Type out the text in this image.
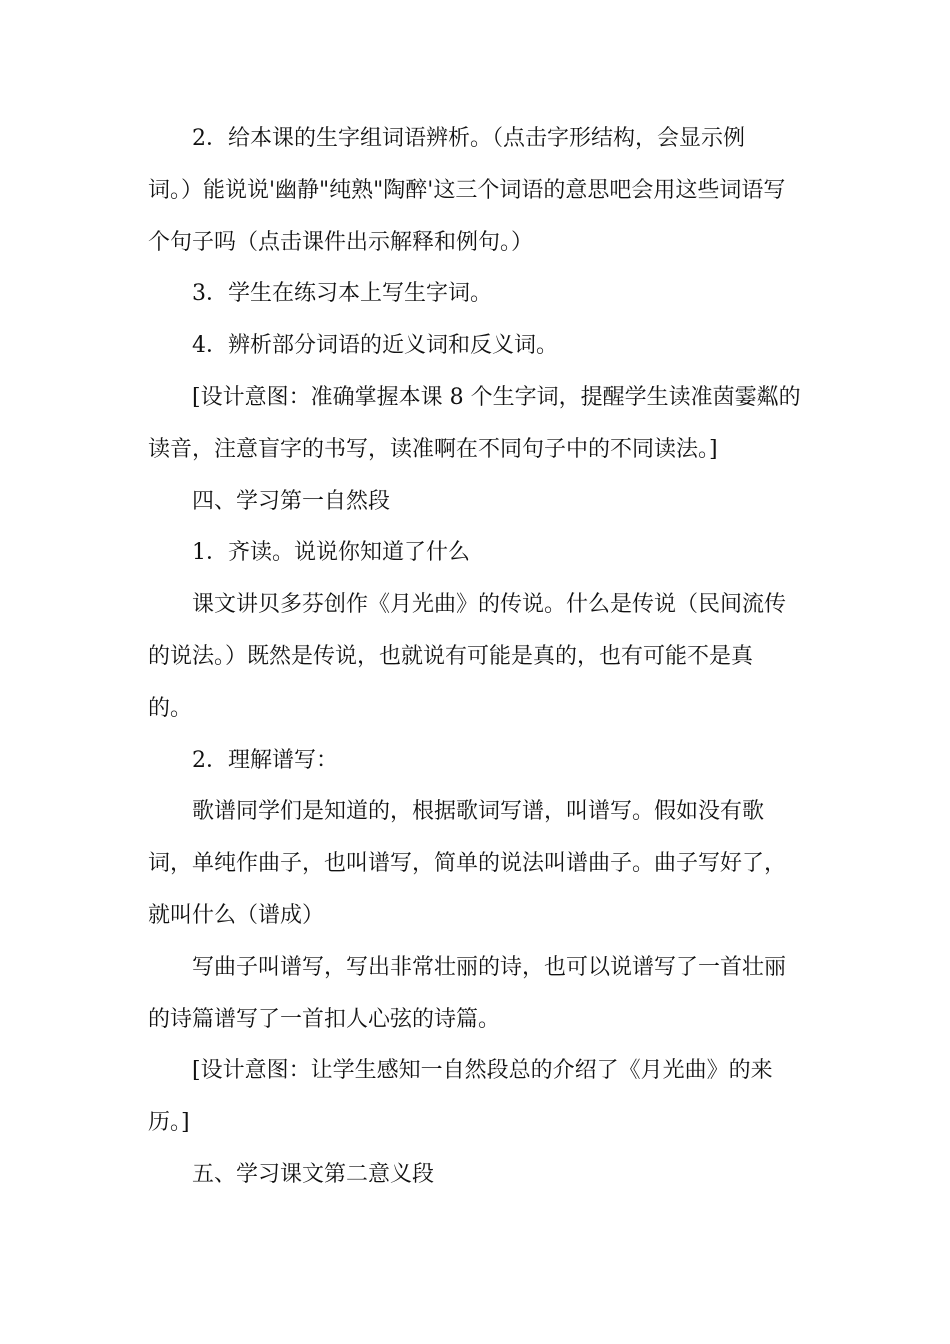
2．给本课的生字组词语辨析。（点击字形结构，会显示例
词。）能说说'幽静"纯熟"陶醉'这三个词语的意思吧会用这些词语写
个句子吗（点击课件出示解释和例句。）
3．学生在练习本上写生字词。
4．辨析部分词语的近义词和反义词。
[设计意图：准确掌握本课 8 个生字词，提醒学生读准茵霎粼的
读音，注意盲字的书写，读准啊在不同句子中的不同读法。]
四、学习第一自然段
1．齐读。说说你知道了什么
课文讲贝多芬创作《月光曲》的传说。什么是传说（民间流传
的说法。）既然是传说，也就说有可能是真的，也有可能不是真
的。
2．理解谱写：
歌谱同学们是知道的，根据歌词写谱，叫谱写。假如没有歌
词，单纯作曲子，也叫谱写，简单的说法叫谱曲子。曲子写好了，
就叫什么（谱成）
写曲子叫谱写，写出非常壮丽的诗，也可以说谱写了一首壮丽
的诗篇谱写了一首扣人心弦的诗篇。
[设计意图：让学生感知一自然段总的介绍了《月光曲》的来
历。]
五、学习课文第二意义段
